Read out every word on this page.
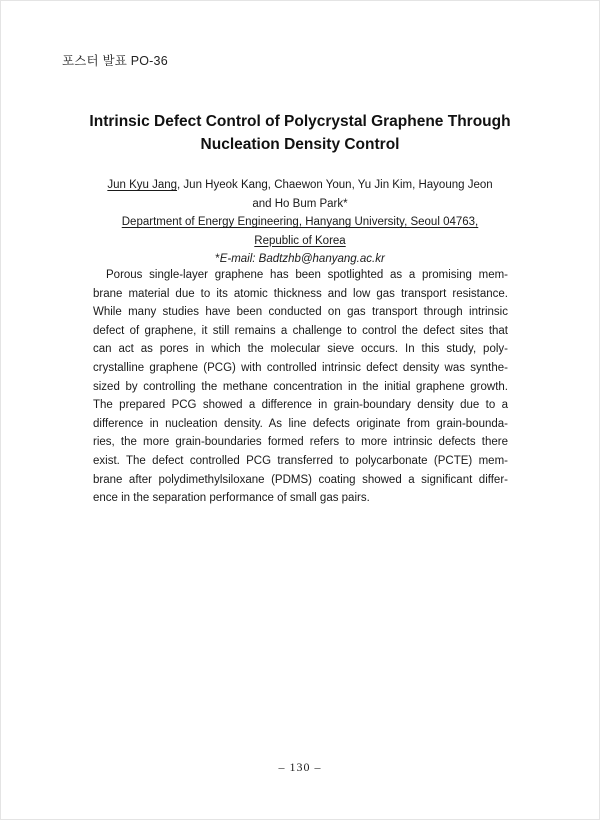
포스터 발표 PO-36
Intrinsic Defect Control of Polycrystal Graphene Through
Nucleation Density Control
Jun Kyu Jang, Jun Hyeok Kang, Chaewon Youn, Yu Jin Kim, Hayoung Jeon
and Ho Bum Park*
Department of Energy Engineering, Hanyang University, Seoul 04763,
Republic of Korea
*E-mail: Badtzhb@hanyang.ac.kr
Porous single-layer graphene has been spotlighted as a promising mem-
brane material due to its atomic thickness and low gas transport resistance.
While many studies have been conducted on gas transport through intrinsic
defect of graphene, it still remains a challenge to control the defect sites that
can act as pores in which the molecular sieve occurs. In this study, poly-
crystalline graphene (PCG) with controlled intrinsic defect density was synthe-
sized by controlling the methane concentration in the initial graphene growth.
The prepared PCG showed a difference in grain-boundary density due to a
difference in nucleation density. As line defects originate from grain-bounda-
ries, the more grain-boundaries formed refers to more intrinsic defects there
exist. The defect controlled PCG transferred to polycarbonate (PCTE) mem-
brane after polydimethylsiloxane (PDMS) coating showed a significant differ-
ence in the separation performance of small gas pairs.
– 130 –
